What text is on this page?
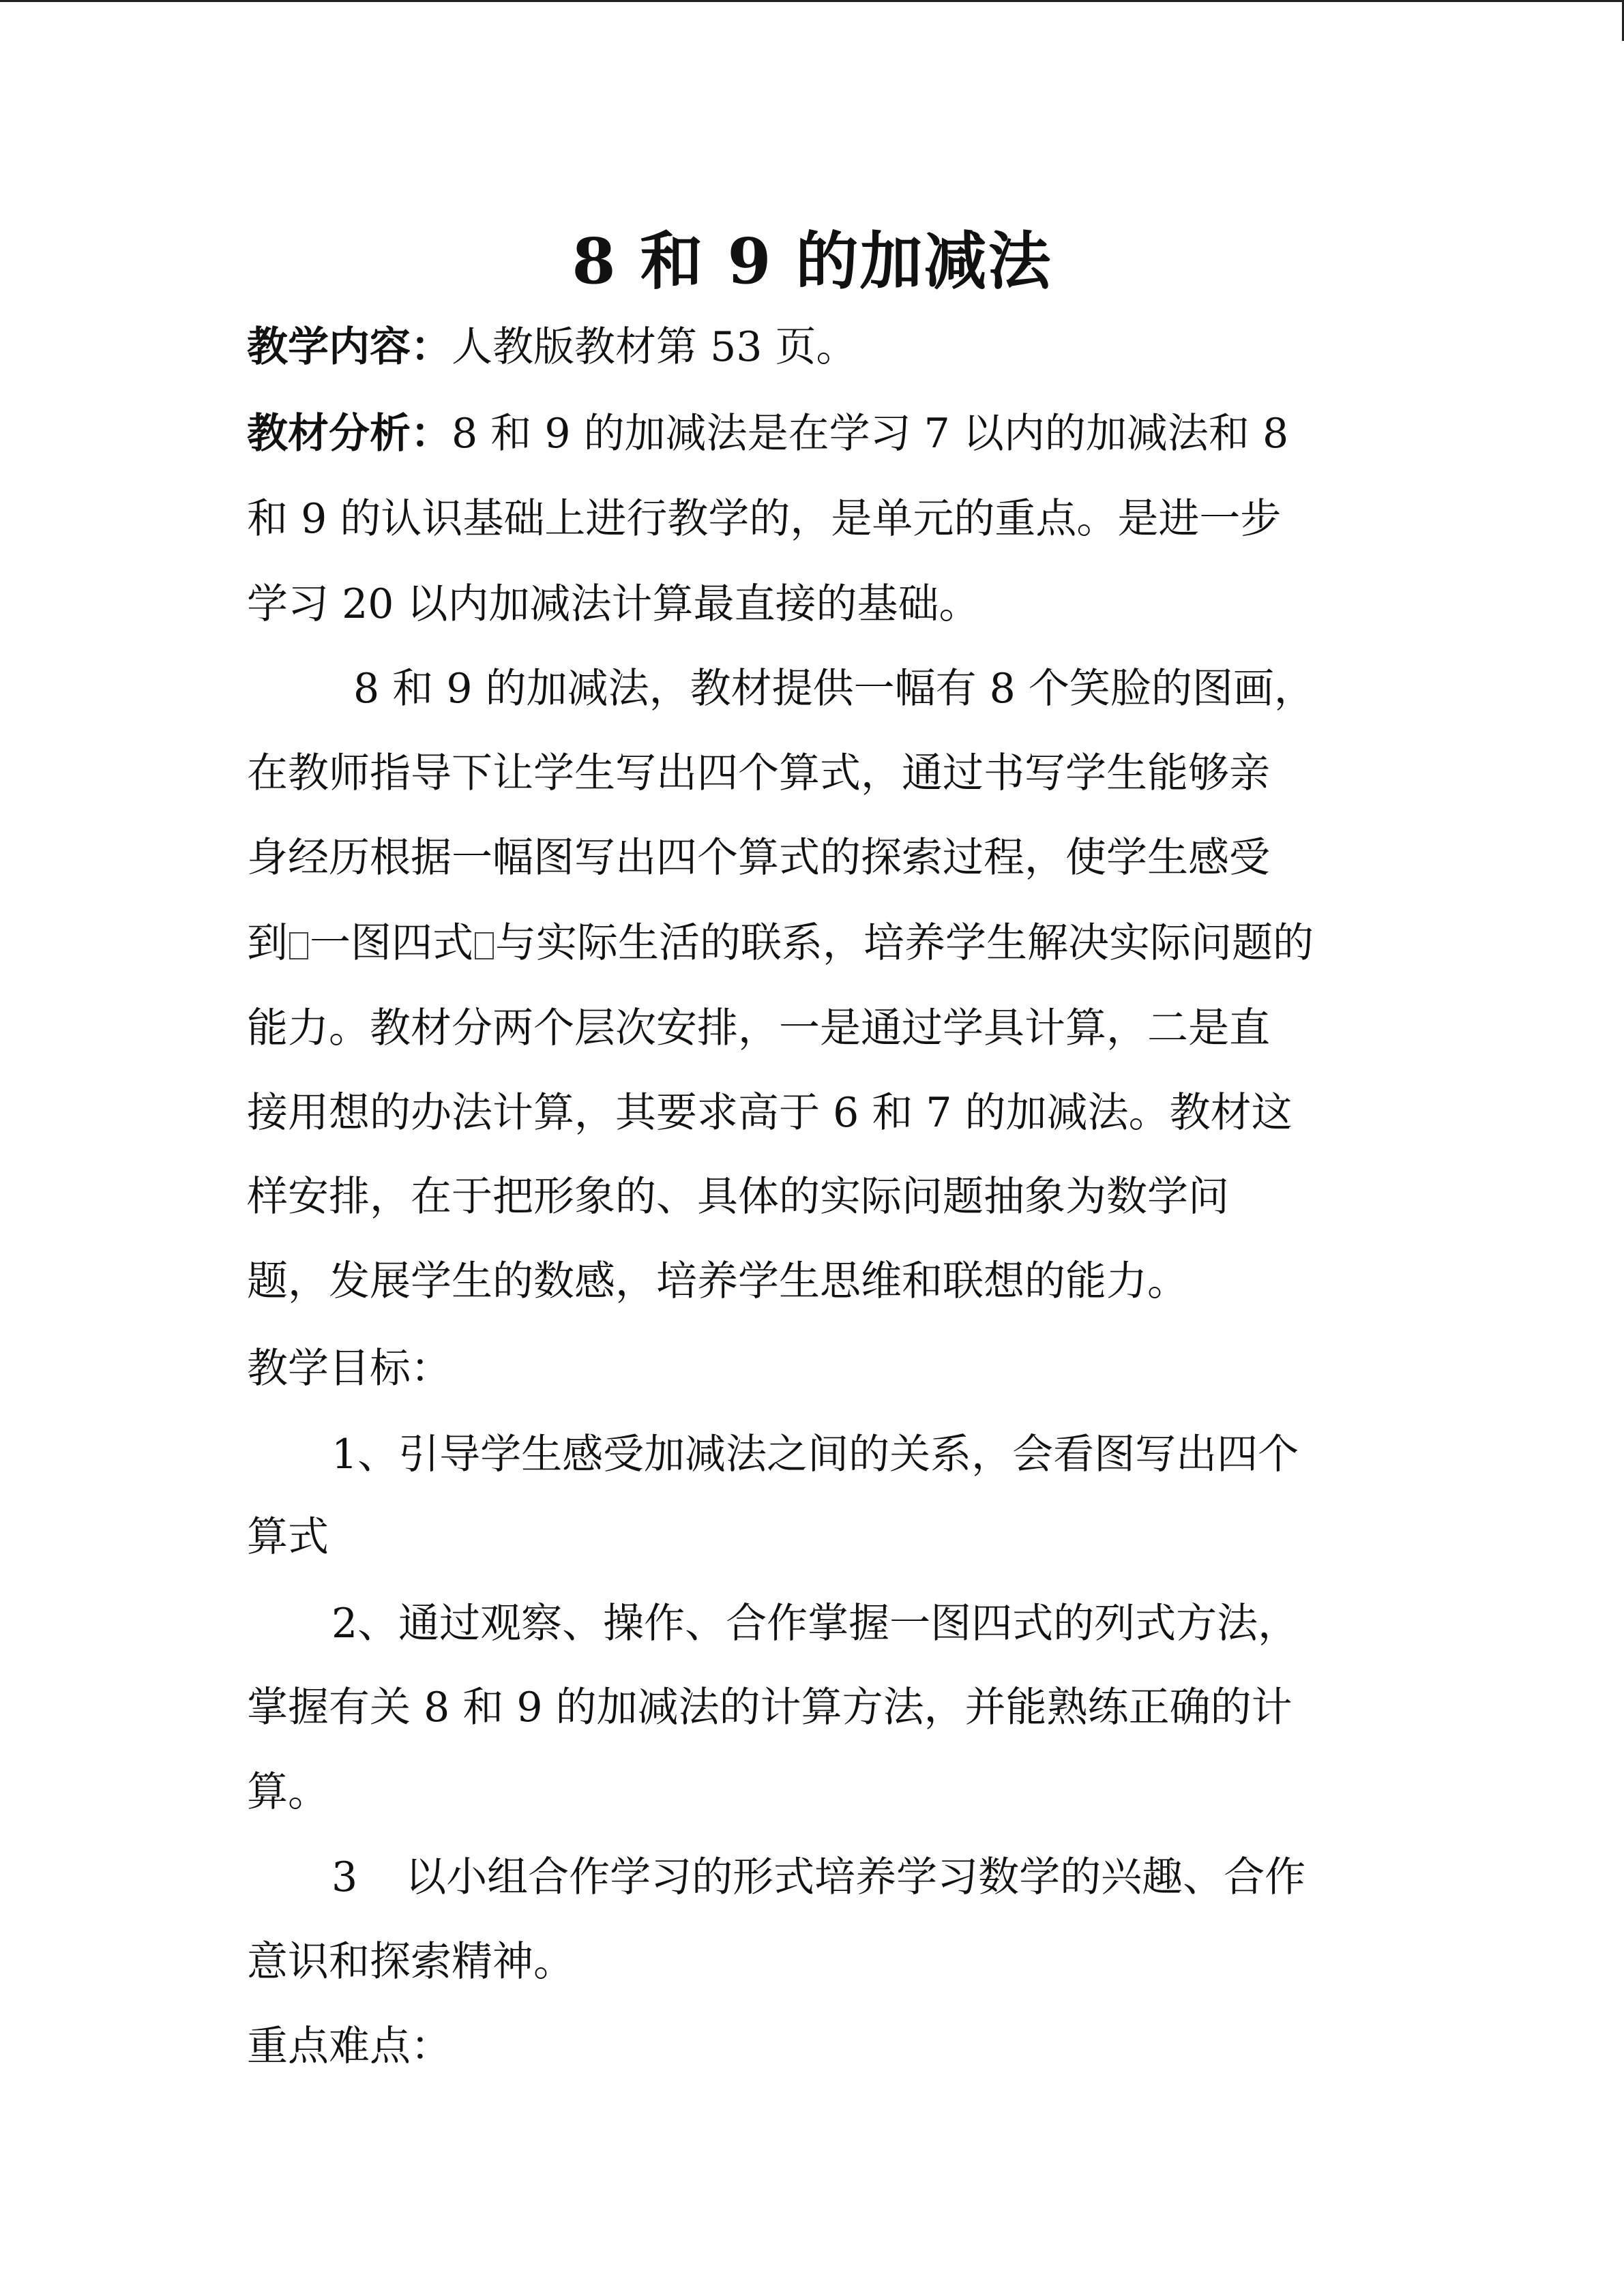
8 和 9 的加减法
教学内容：人教版教材第 53 页。
教材分析：8 和 9 的加减法是在学习 7 以内的加减法和 8
和 9 的认识基础上进行教学的，是单元的重点。是进一步
学习 20 以内加减法计算最直接的基础。
8 和 9 的加减法，教材提供一幅有 8 个笑脸的图画，
在教师指导下让学生写出四个算式，通过书写学生能够亲
身经历根据一幅图写出四个算式的探索过程，使学生感受
到 一图四式 与实际生活的联系，培养学生解决实际问题的
能力。教材分两个层次安排，一是通过学具计算，二是直
接用想的办法计算，其要求高于 6 和 7 的加减法。教材这
样安排，在于把形象的、具体的实际问题抽象为数学问
题，发展学生的数感，培养学生思维和联想的能力。
教学目标：
1、引导学生感受加减法之间的关系，会看图写出四个
算式
2、通过观察、操作、合作掌握一图四式的列式方法，
掌握有关 8 和 9 的加减法的计算方法，并能熟练正确的计
算。
3 以小组合作学习的形式培养学习数学的兴趣、合作
意识和探索精神。
重点难点：
